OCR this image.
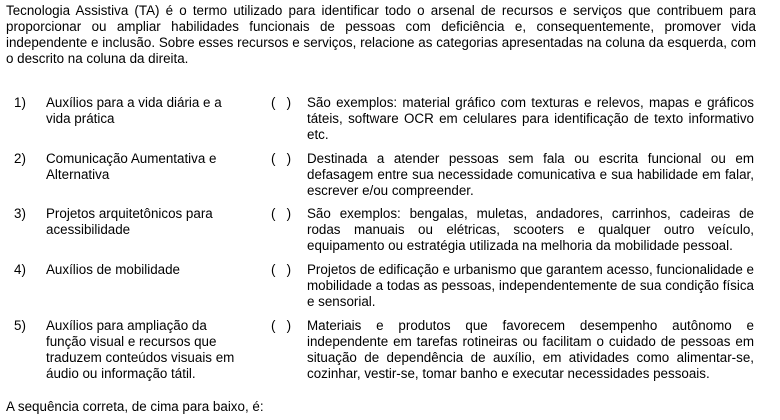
Tecnologia Assistiva (TA) é o termo utilizado para identificar todo o arsenal de recursos e serviços que contribuem para proporcionar ou ampliar habilidades funcionais de pessoas com deficiência e, consequentemente, promover vida independente e inclusão. Sobre esses recursos e serviços, relacione as categorias apresentadas na coluna da esquerda, com o descrito na coluna da direita.

1) Auxílios para a vida diária e a vida prática
(   ) São exemplos: material gráfico com texturas e relevos, mapas e gráficos táteis, software OCR em celulares para identificação de texto informativo etc.
2) Comunicação Aumentativa e Alternativa
(   ) Destinada a atender pessoas sem fala ou escrita funcional ou em defasagem entre sua necessidade comunicativa e sua habilidade em falar, escrever e/ou compreender.
3) Projetos arquitetônicos para acessibilidade
(   ) São exemplos: bengalas, muletas, andadores, carrinhos, cadeiras de rodas manuais ou elétricas, scooters e qualquer outro veículo, equipamento ou estratégia utilizada na melhoria da mobilidade pessoal.
4) Auxílios de mobilidade	(   ) Projetos de edificação e urbanismo que garantem acesso, funcionalidade e mobilidade a todas as pessoas, independentemente de sua condição física e sensorial.
5) Auxílios para ampliação da função visual e recursos que traduzem conteúdos visuais em áudio ou informação tátil.
(   ) Materiais e produtos que favorecem desempenho autônomo e independente em tarefas rotineiras ou facilitam o cuidado de pessoas em situação de dependência de auxílio, em atividades como alimentar-se, cozinhar, vestir-se, tomar banho e executar necessidades pessoais.

A sequência correta, de cima para baixo, é:
